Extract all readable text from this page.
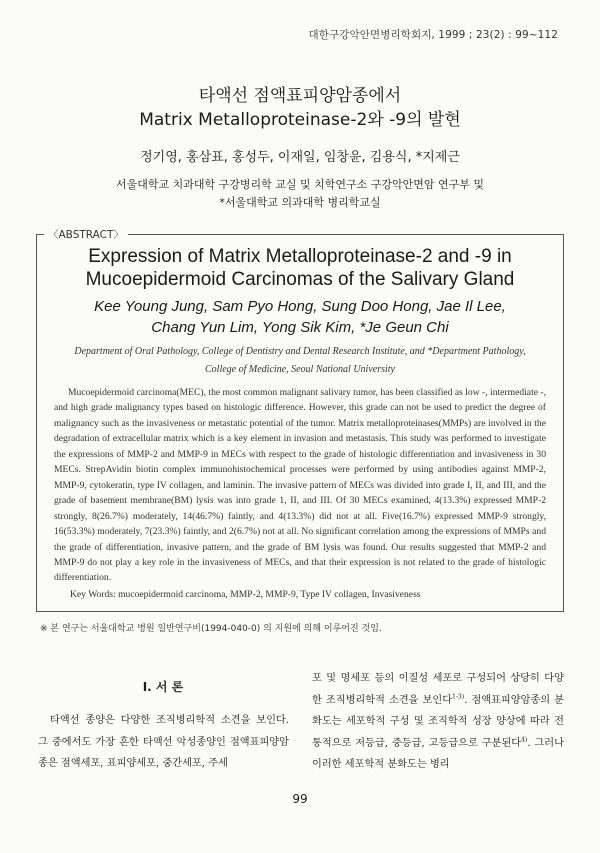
대한구강악안면병리학회지, 1999 ; 23(2) : 99~112
타액선 점액표피양암종에서
Matrix Metalloproteinase-2와 -9의 발현
정기영, 홍삼표, 홍성두, 이재일, 임창윤, 김용식, *지제근
서울대학교 치과대학 구강병리학 교실 및 치학연구소 구강악안면암 연구부 및
*서울대학교 의과대학 병리학교실
〈ABSTRACT〉
Expression of Matrix Metalloproteinase-2 and -9 in
Mucoepidermoid Carcinomas of the Salivary Gland
Kee Young Jung, Sam Pyo Hong, Sung Doo Hong, Jae Il Lee,
Chang Yun Lim, Yong Sik Kim, *Je Geun Chi
Department of Oral Pathology, College of Dentistry and Dental Research Institute, and *Department Pathology,
College of Medicine, Seoul National University

Mucoepidermoid carcinoma(MEC), the most common malignant salivary tumor, has been classified as low -, intermediate -, and high grade malignancy types based on histologic difference. However, this grade can not be used to predict the degree of malignancy such as the invasiveness or metastatic potential of the tumor. Matrix metalloproteinases(MMPs) are involved in the degradation of extracellular matrix which is a key element in invasion and metastasis. This study was performed to investigate the expressions of MMP-2 and MMP-9 in MECs with respect to the grade of histologic differentiation and invasiveness in 30 MECs. StrepAvidin biotin complex immunohistochemical processes were performed by using antibodies against MMP-2, MMP-9, cytokeratin, type IV collagen, and laminin. The invasive pattern of MECs was divided into grade I, II, and III, and the grade of basement membrane(BM) lysis was into grade 1, II, and III. Of 30 MECs examined, 4(13.3%) expressed MMP-2 strongly, 8(26.7%) moderately, 14(46.7%) faintly, and 4(13.3%) did not at all. Five(16.7%) expressed MMP-9 strongly, 16(53.3%) moderately, 7(23.3%) faintly, and 2(6.7%) not at all. No significant correlation among the expressions of MMPs and the grade of differentiation, invasive pattern, and the grade of BM lysis was found. Our results suggested that MMP-2 and MMP-9 do not play a key role in the invasiveness of MECs, and that their expression is not related to the grade of histologic differentiation.

Key Words: mucoepidermoid carcinoma, MMP-2, MMP-9, Type IV collagen, Invasiveness
※ 본 연구는 서울대학교 병원 일반연구비(1994-040-0) 의 지원에 의해 이루어진 것임.
I. 서 론

타액선 종양은 다양한 조직병리학적 소견을 보인다. 그 중에서도 가장 흔한 타액선 악성종양인 점액표피양암종은 점액세포, 표피양세포, 중간세포, 주세

포 및 명세포 등의 이질성 세포로 구성되어 상당히 다양한 조직병리학적 소견을 보인다$^{1-3)}$. 점액표피양암종의 분화도는 세포학적 구성 및 조직학적 성장 양상에 따라 전통적으로 저등급, 중등급, 고등급으로 구분된다$^{4)}$. 그러나 이러한 세포학적 분화도는 병리

99
